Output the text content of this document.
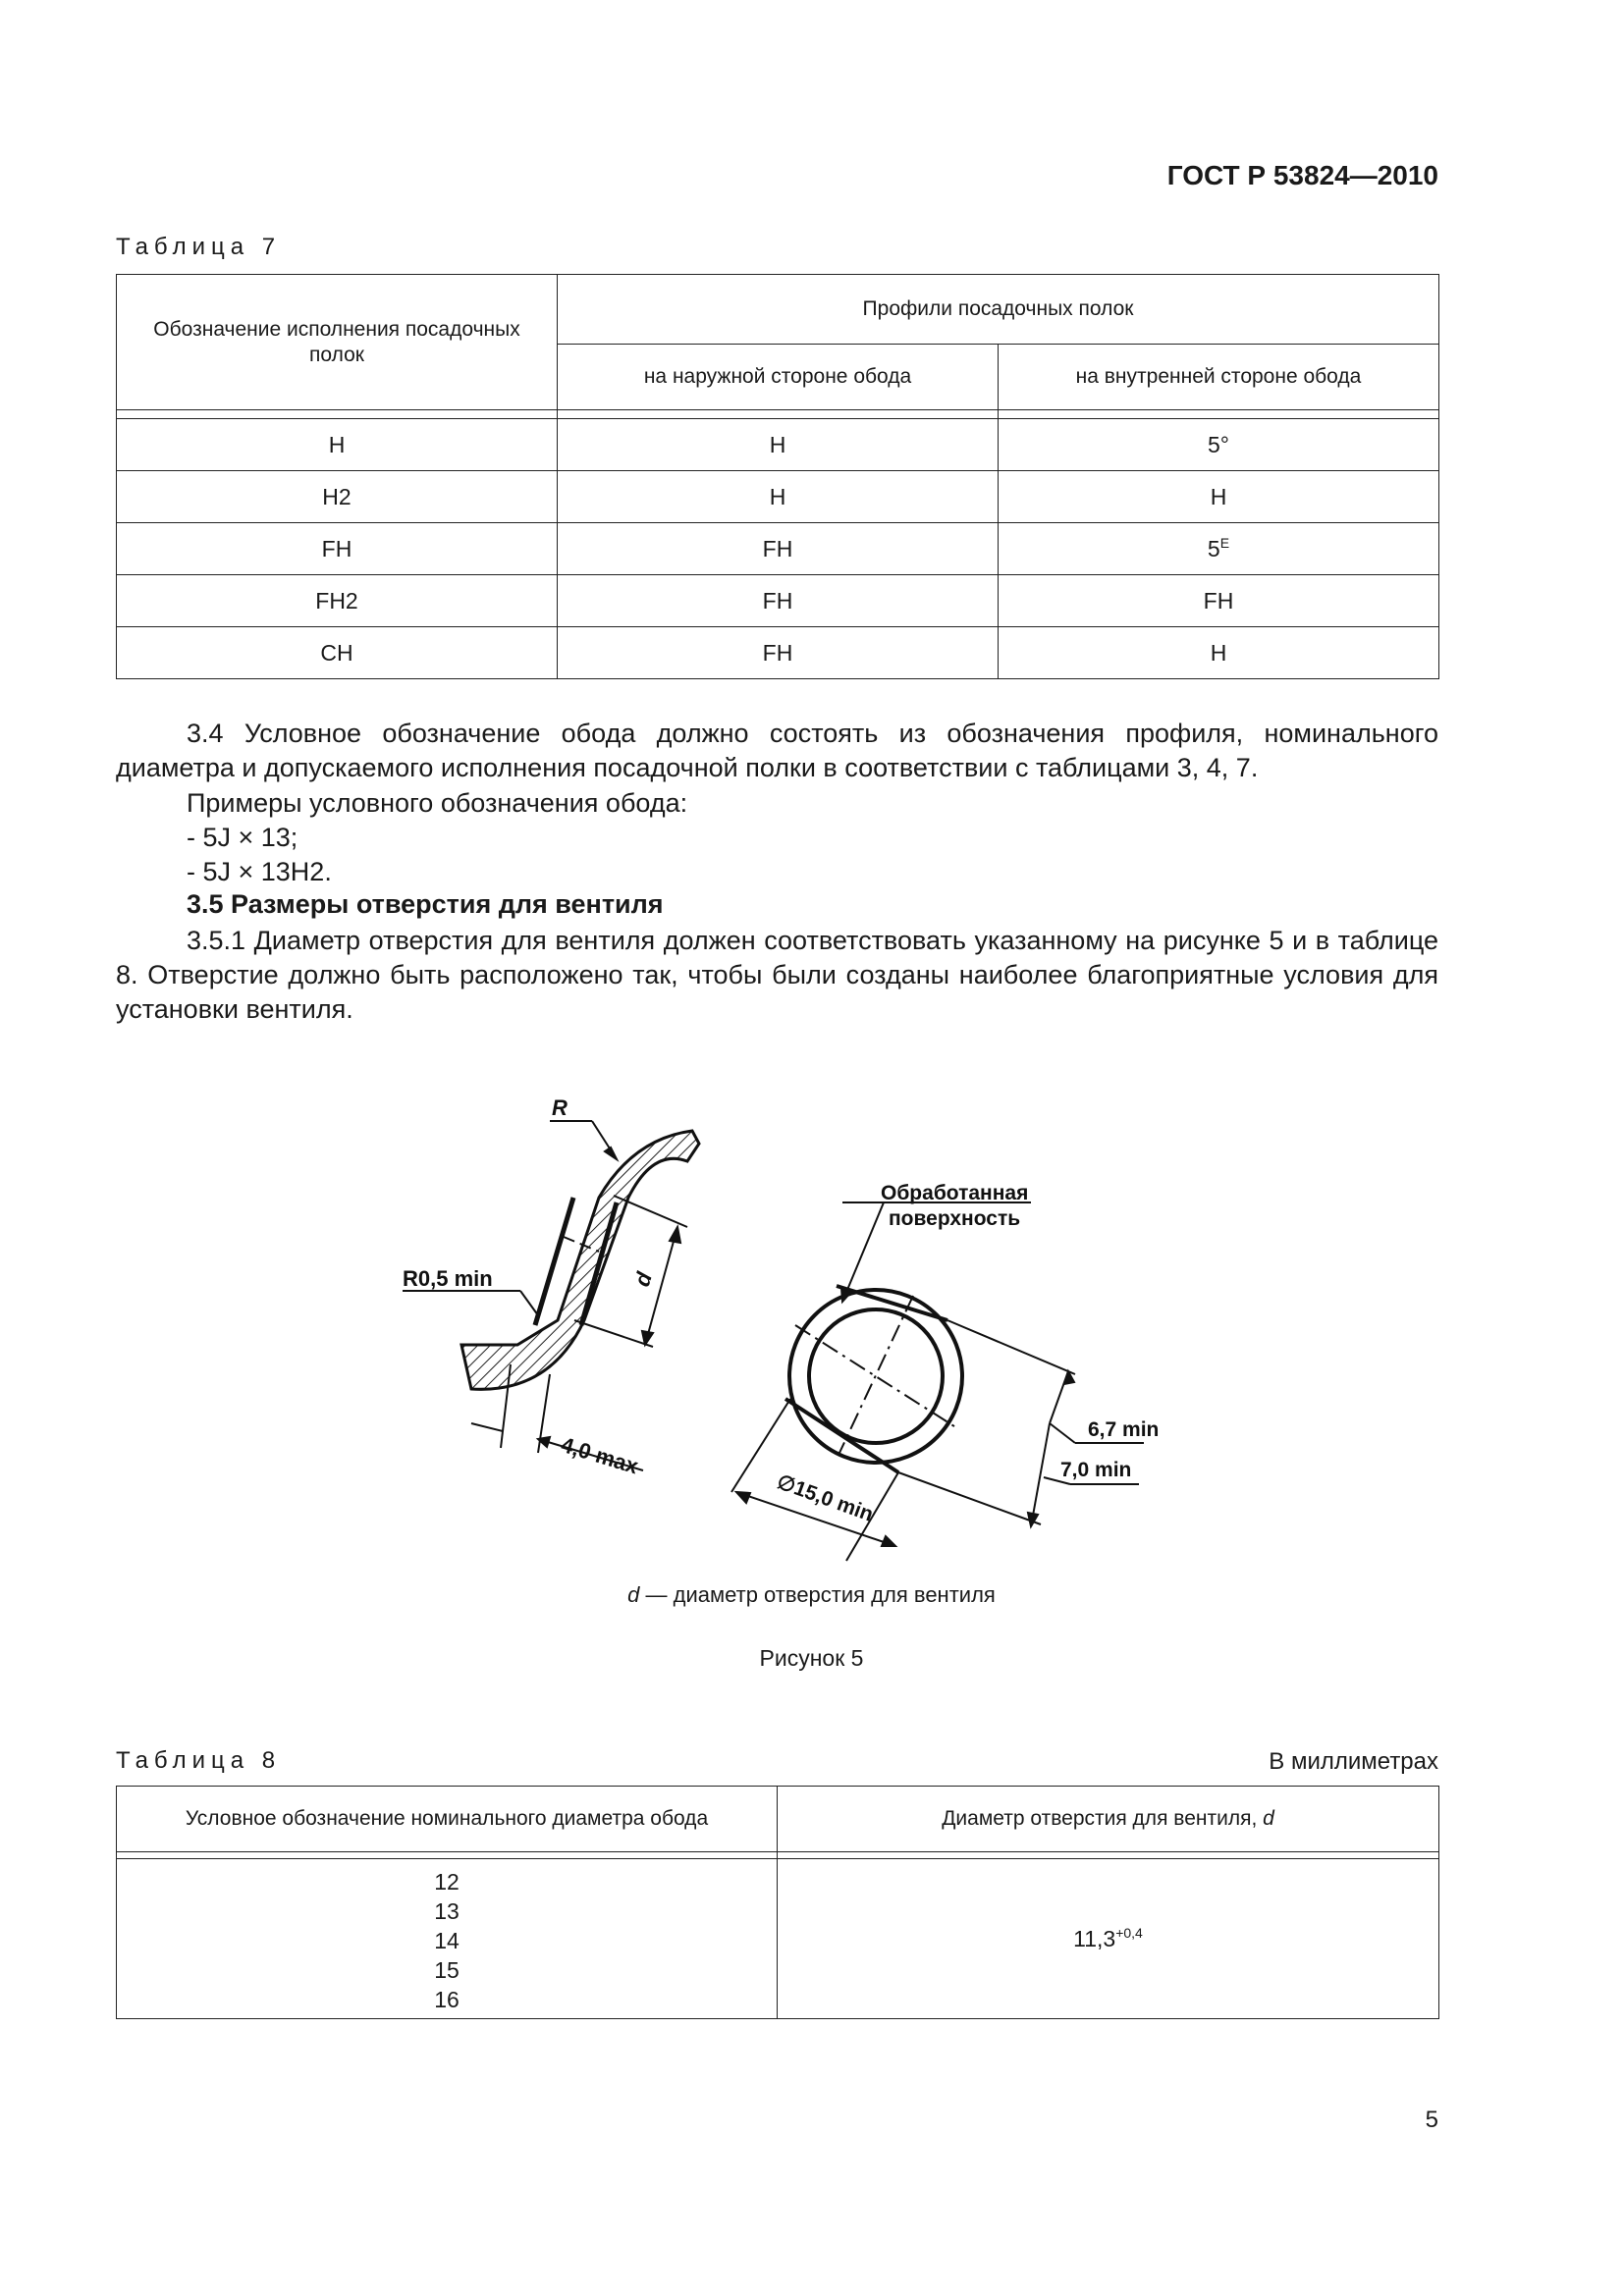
ГОСТ Р 53824—2010
Таблица 7
Обозначение исполнения посадочных полок	Профили посадочных полок	
	на наружной стороне обода	на внутренней стороне обода

H	H	5°
H2	H	H
FH	FH	$5^E$
FH2	FH	FH
CH	FH	H
3.4 Условное обозначение обода должно состоять из обозначения профиля, номинального диаметра и допускаемого исполнения посадочной полки в соответствии с таблицами 3, 4, 7.
Примеры условного обозначения обода:
- 5J × 13;
- 5J × 13H2.
3.5 Размеры отверстия для вентиля
3.5.1 Диаметр отверстия для вентиля должен соответствовать указанному на рисунке 5 и в таблице 8. Отверстие должно быть расположено так, чтобы были созданы наиболее благоприятные условия для установки вентиля.
R
R0,5 min	d
4,0 max
Обработанная
поверхность
6,7 min
7,0 min
∅15,0 min
d — диаметр отверстия для вентиля
Рисунок 5
Таблица 8	В миллиметрах
Условное обозначение номинального диаметра обода	Диаметр отверстия для вентиля, d

12
13
14
15
16	$11,3^{+0,4}$
5
